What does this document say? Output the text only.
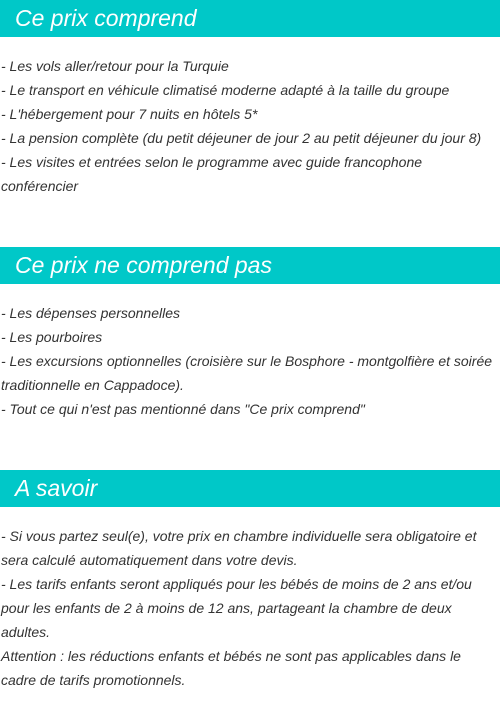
Ce prix comprend

- Les vols aller/retour pour la Turquie

- Le transport en véhicule climatisé moderne adapté à la taille du groupe

- L'hébergement pour 7 nuits en hôtels 5*

- La pension complète (du petit déjeuner de jour 2 au petit déjeuner du jour 8)

- Les visites et entrées selon le programme avec guide francophone conférencier

Ce prix ne comprend pas

- Les dépenses personnelles

- Les pourboires

- Les excursions optionnelles (croisière sur le Bosphore - montgolfière et soirée traditionnelle en Cappadoce).

- Tout ce qui n'est pas mentionné dans "Ce prix comprend"

A savoir

- Si vous partez seul(e), votre prix en chambre individuelle sera obligatoire et sera calculé automatiquement dans votre devis.

- Les tarifs enfants seront appliqués pour les bébés de moins de 2 ans et/ou pour les enfants de 2 à moins de 12 ans, partageant la chambre de deux adultes.

Attention : les réductions enfants et bébés ne sont pas applicables dans le cadre de tarifs promotionnels.
